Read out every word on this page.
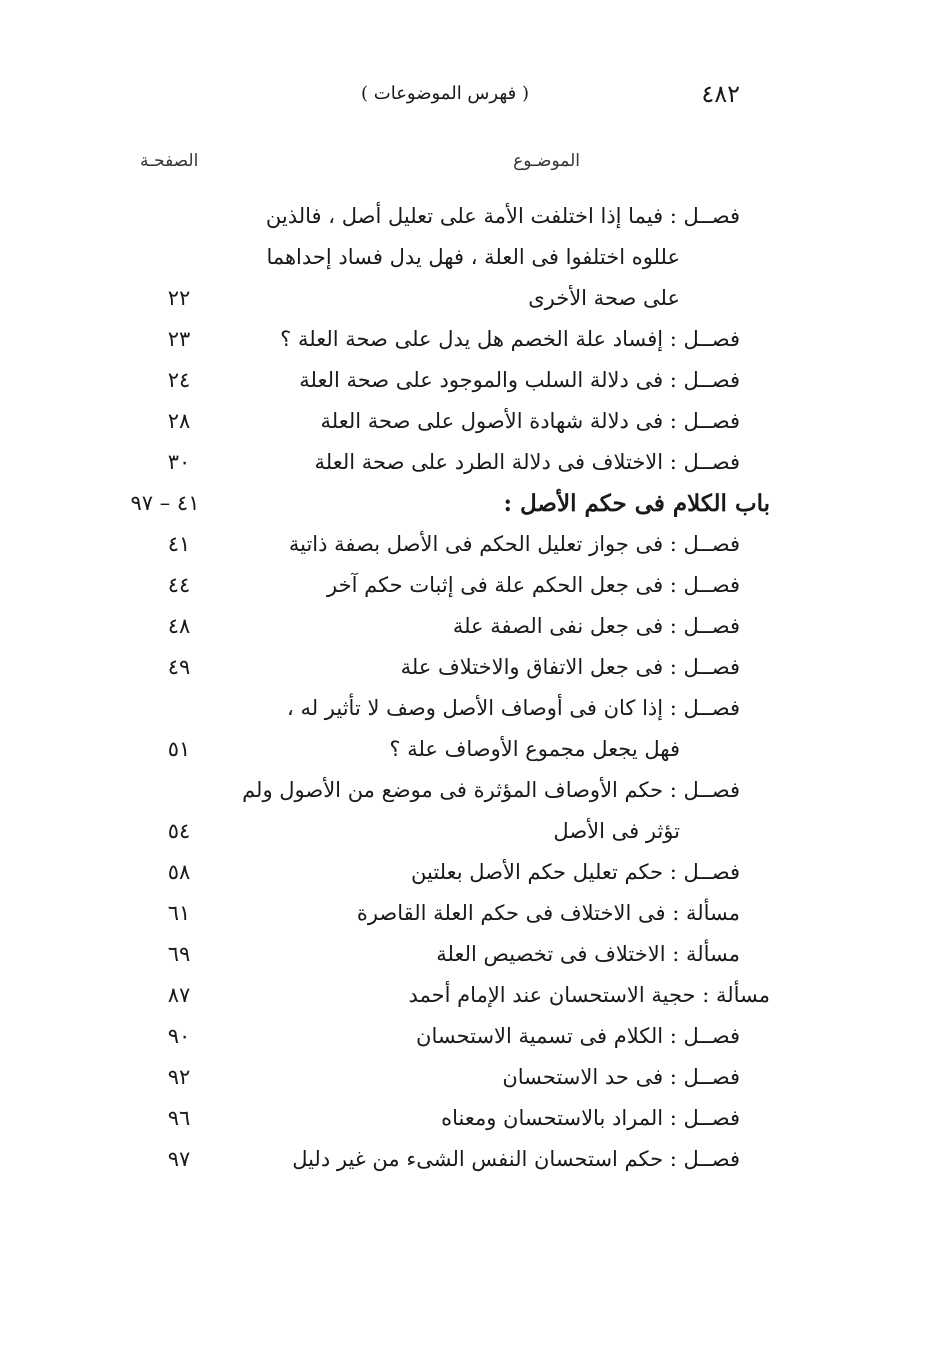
٤٨٢
( فهرس الموضوعات )
الموضـوع
الصفحـة
فصــل : فيما إذا اختلفت الأمة على تعليل أصل ، فالذين
عللوه اختلفوا فى العلة ، فهل يدل فساد إحداهما
على صحة الأخرى
٢٢
فصــل : إفساد علة الخصم هل يدل على صحة العلة ؟
٢٣
فصــل : فى دلالة السلب والموجود على صحة العلة
٢٤
فصــل : فى دلالة شهادة الأصول على صحة العلة
٢٨
فصــل : الاختلاف فى دلالة الطرد على صحة العلة
٣٠
باب الكلام فى حكم الأصل :
٤١ – ٩٧
فصــل : فى جواز تعليل الحكم فى الأصل بصفة ذاتية
٤١
فصــل : فى جعل الحكم علة فى إثبات حكم آخر
٤٤
فصــل : فى جعل نفى الصفة علة
٤٨
فصــل : فى جعل الاتفاق والاختلاف علة
٤٩
فصــل : إذا كان فى أوصاف الأصل وصف لا تأثير له ،
فهل يجعل مجموع الأوصاف علة ؟
٥١
فصــل : حكم الأوصاف المؤثرة فى موضع من الأصول ولم
تؤثر فى الأصل
٥٤
فصــل : حكم تعليل حكم الأصل بعلتين
٥٨
مسألة : فى الاختلاف فى حكم العلة القاصرة
٦١
مسألة : الاختلاف فى تخصيص العلة
٦٩
مسألة : حجية الاستحسان عند الإمام أحمد
٨٧
فصــل : الكلام فى تسمية الاستحسان
٩٠
فصــل : فى حد الاستحسان
٩٢
فصــل : المراد بالاستحسان ومعناه
٩٦
فصــل : حكم استحسان النفس الشىء من غير دليل
٩٧
